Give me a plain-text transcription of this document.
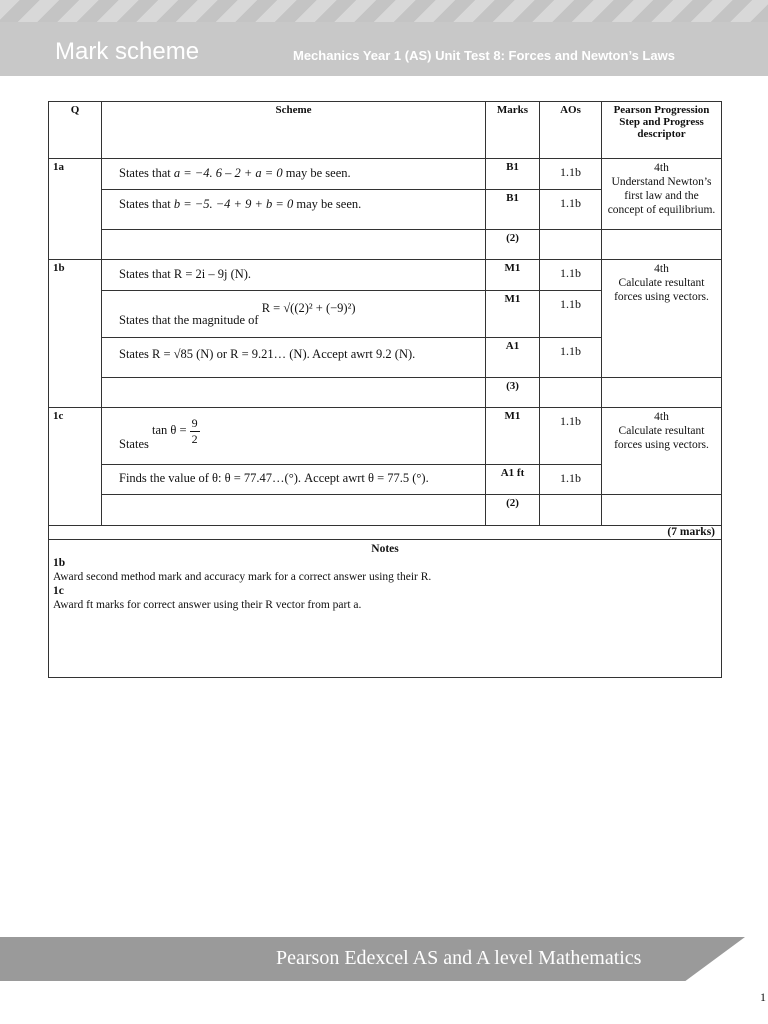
Mark scheme	Mechanics Year 1 (AS) Unit Test 8: Forces and Newton’s Laws
Q	Scheme	Marks	AOs	Pearson Progression Step and Progress descriptor
1a	States that a = −4. 6 – 2 + a = 0 may be seen.	B1	1.1b	4th
Understand Newton’s first law and the concept of equilibrium.
	States that b = −5. −4 + 9 + b = 0 may be seen.	B1	1.1b	
		(2)		
1b	States that R = 2i – 9j (N).	M1	1.1b	4th
Calculate resultant forces using vectors.
	States that the magnitude of R = √((2)² + (−9)²)	M1	1.1b	
	States R = √85 (N) or R = 9.21… (N). Accept awrt 9.2 (N).	A1	1.1b	
		(3)		
1c	States $\tan \theta = \frac{9}{2}$	M1	1.1b	4th
Calculate resultant forces using vectors.
	Finds the value of θ: θ = 77.47…(°). Accept awrt θ = 77.5 (°).	A1 ft	1.1b	
		(2)		
(7 marks)				

Notes
1b
Award second method mark and accuracy mark for a correct answer using their R.
1c
Award ft marks for correct answer using their R vector from part a.				
Pearson Edexcel AS and A level Mathematics
1
